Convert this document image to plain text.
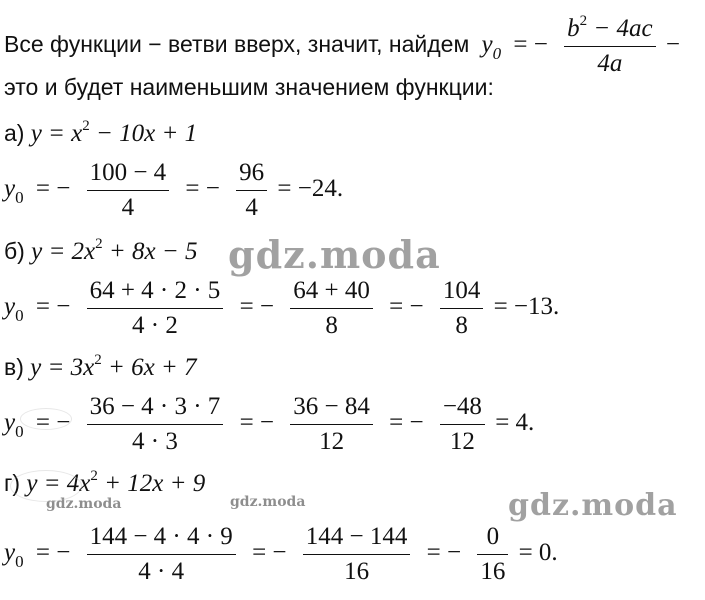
Все функции − ветви вверх, значит, найдем $y_0$ = − $\frac{b^2 - 4ac}{4a}$ −
это и будет наименьшим значением функции:
а) $y = x^2 - 10x + 1$
$y_0$ = − $\frac{100 - 4}{4}$ = − $\frac{96}{4} = -24$.
б) $y = 2x^2 + 8x - 5$
$y_0$ = − $\frac{64 + 4 \cdot 2 \cdot 5}{4 \cdot 2}$ = − $\frac{64 + 40}{8}$ = − $\frac{104}{8} = -13$.
в) $y = 3x^2 + 6x + 7$
$y_0$ = − $\frac{36 - 4 \cdot 3 \cdot 7}{4 \cdot 3}$ = − $\frac{36 - 84}{12}$ = − $\frac{-48}{12} = 4$.
г) $y = 4x^2 + 12x + 9$
$y_0$ = − $\frac{144 - 4 \cdot 4 \cdot 9}{4 \cdot 4}$ = − $\frac{144 - 144}{16}$ = − $\frac{0}{16} = 0$.
gdz.moda
gdz.moda
gdz.moda	gdz.moda
